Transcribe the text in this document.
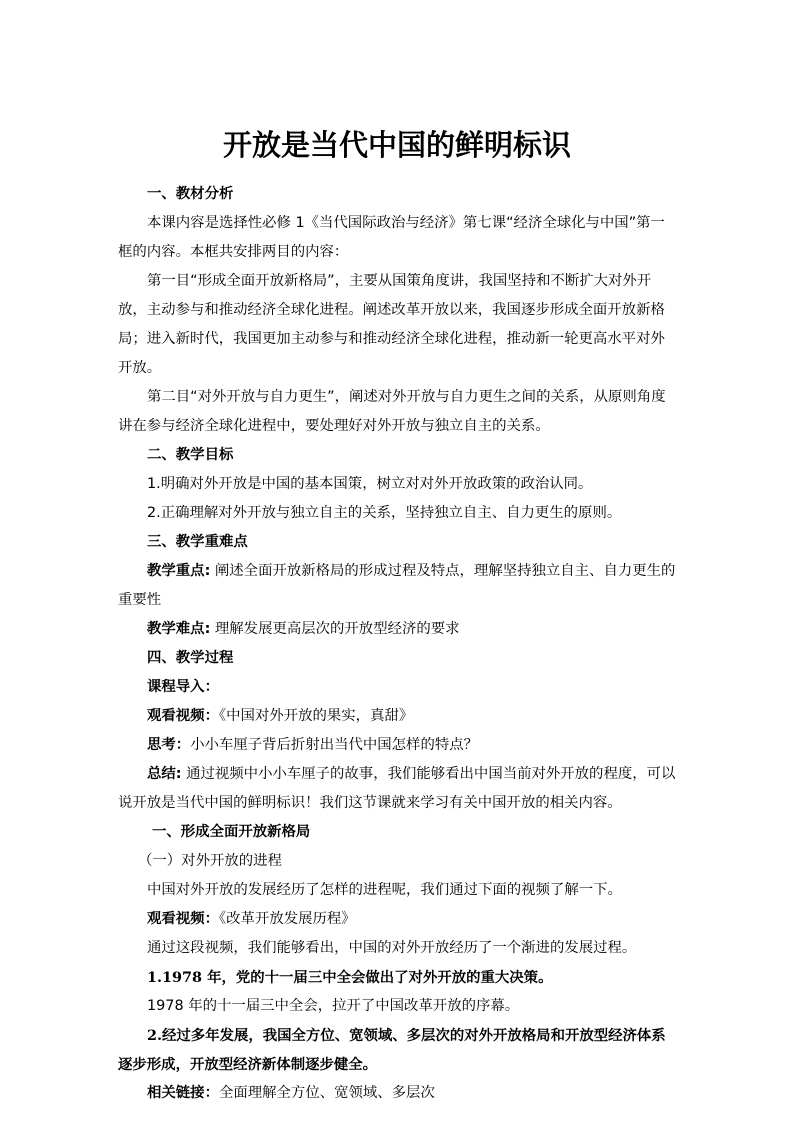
开放是当代中国的鲜明标识

一、教材分析

本课内容是选择性必修 1《当代国际政治与经济》第七课“经济全球化与中国”第一框的内容。本框共安排两目的内容：

第一目“形成全面开放新格局”，主要从国策角度讲，我国坚持和不断扩大对外开放，主动参与和推动经济全球化进程。阐述改革开放以来，我国逐步形成全面开放新格局；进入新时代，我国更加主动参与和推动经济全球化进程，推动新一轮更高水平对外开放。

第二目“对外开放与自力更生”，阐述对外开放与自力更生之间的关系，从原则角度讲在参与经济全球化进程中，要处理好对外开放与独立自主的关系。

二、教学目标

1.明确对外开放是中国的基本国策，树立对对外开放政策的政治认同。

2.正确理解对外开放与独立自主的关系，坚持独立自主、自力更生的原则。

三、教学重难点

教学重点: 阐述全面开放新格局的形成过程及特点，理解坚持独立自主、自力更生的重要性

教学难点: 理解发展更高层次的开放型经济的要求

四、教学过程

课程导入：

观看视频：《中国对外开放的果实，真甜》

思考：小小车厘子背后折射出当代中国怎样的特点？

总结: 通过视频中小小车厘子的故事，我们能够看出中国当前对外开放的程度，可以说开放是当代中国的鲜明标识！我们这节课就来学习有关中国开放的相关内容。

一、形成全面开放新格局

（一）对外开放的进程

中国对外开放的发展经历了怎样的进程呢，我们通过下面的视频了解一下。

观看视频：《改革开放发展历程》

通过这段视频，我们能够看出，中国的对外开放经历了一个渐进的发展过程。

1.1978 年，党的十一届三中全会做出了对外开放的重大决策。

1978 年的十一届三中全会，拉开了中国改革开放的序幕。

2.经过多年发展，我国全方位、宽领域、多层次的对外开放格局和开放型经济体系逐步形成，开放型经济新体制逐步健全。

相关链接：全面理解全方位、宽领域、多层次
